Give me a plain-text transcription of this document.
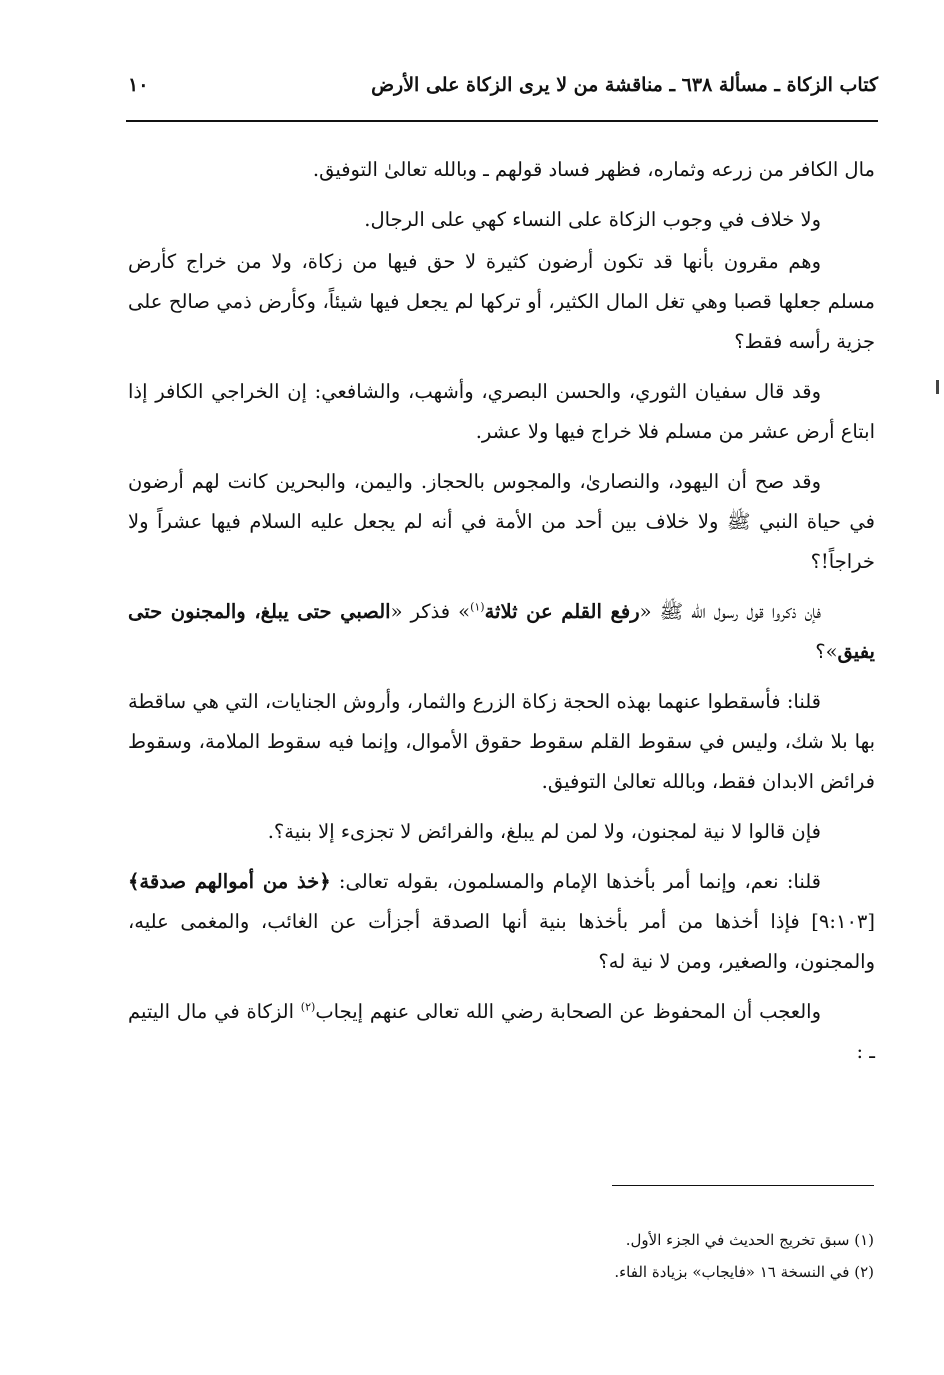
كتاب الزكاة ـ مسألة ٦٣٨ ـ مناقشة من لا يرى الزكاة على الأرض
١٠

مال الكافر من زرعه وثماره، فظهر فساد قولهم ـ وبالله تعالىٰ التوفيق.

ولا خلاف في وجوب الزكاة على النساء كهي على الرجال.

وهم مقرون بأنها قد تكون أرضون كثيرة لا حق فيها من زكاة، ولا من خراج كأرض مسلم جعلها قصبا وهي تغل المال الكثير، أو تركها لم يجعل فيها شيئاً، وكأرض ذمي صالح على جزية رأسه فقط؟

وقد قال سفيان الثوري، والحسن البصري، وأشهب، والشافعي: إن الخراجي الكافر إذا ابتاع أرض عشر من مسلم فلا خراج فيها ولا عشر.

وقد صح أن اليهود، والنصارىٰ، والمجوس بالحجاز. واليمن، والبحرين كانت لهم أرضون في حياة النبي ﷺ ولا خلاف بين أحد من الأمة في أنه لم يجعل عليه السلام فيها عشراً ولا خراجاً!؟

فإن ذكروا قول رسول الله ﷺ «رفع القلم عن ثلاثة$^{(١)}$» فذكر «الصبي حتى يبلغ، والمجنون حتى يفيق»؟

قلنا: فأسقطوا عنهما بهذه الحجة زكاة الزرع والثمار، وأروش الجنايات، التي هي ساقطة بها بلا شك، وليس في سقوط القلم سقوط حقوق الأموال، وإنما فيه سقوط الملامة، وسقوط فرائض الابدان فقط، وبالله تعالىٰ التوفيق.

فإن قالوا لا نية لمجنون، ولا لمن لم يبلغ، والفرائض لا تجزىء إلا بنية؟.

قلنا: نعم، وإنما أمر بأخذها الإمام والمسلمون، بقوله تعالى: ﴿خذ من أموالهم صدقة﴾ [٩:١٠٣] فإذا أخذها من أمر بأخذها بنية أنها الصدقة أجزأت عن الغائب، والمغمى عليه، والمجنون، والصغير، ومن لا نية له؟

والعجب أن المحفوظ عن الصحابة رضي الله تعالى عنهم إيجاب$^{(٢)}$ الزكاة في مال اليتيم ـ :

(١) سبق تخريج الحديث في الجزء الأول.

(٢) في النسخة ١٦ «فايجاب» بزيادة الفاء.
